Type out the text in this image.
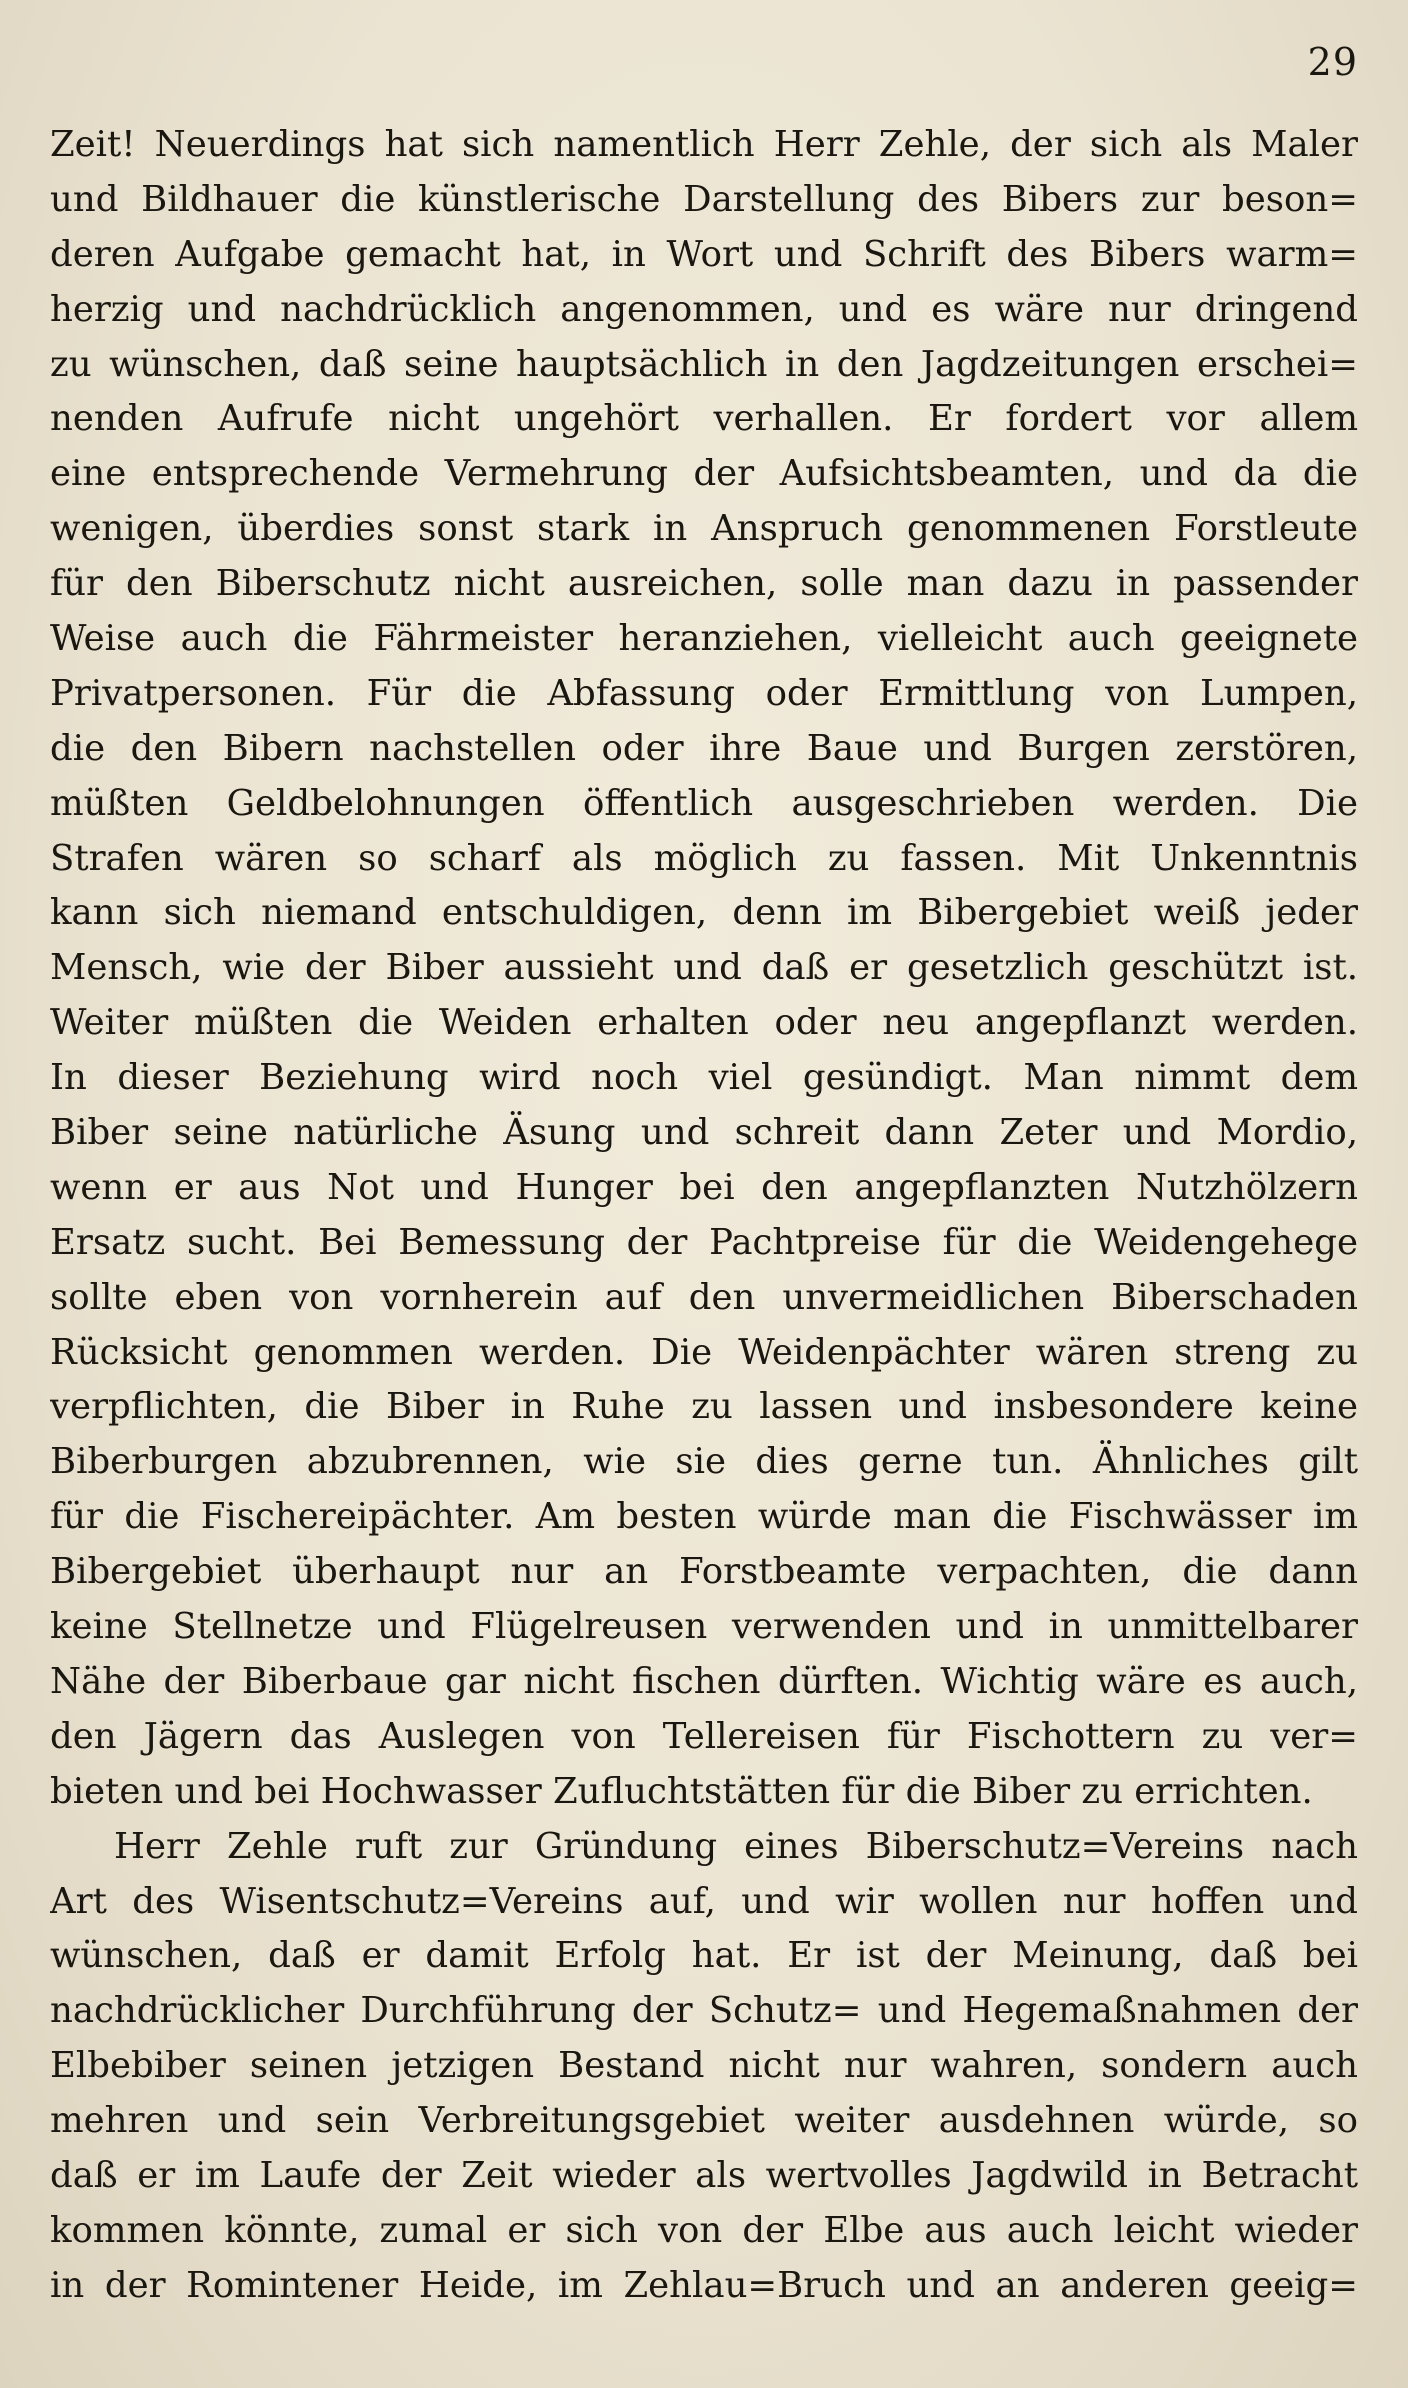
29
Zeit! Neuerdings hat sich namentlich Herr Zehle, der sich als Maler
und Bildhauer die künstlerische Darstellung des Bibers zur beson=
deren Aufgabe gemacht hat, in Wort und Schrift des Bibers warm=
herzig und nachdrücklich angenommen, und es wäre nur dringend
zu wünschen, daß seine hauptsächlich in den Jagdzeitungen erschei=
nenden Aufrufe nicht ungehört verhallen. Er fordert vor allem
eine entsprechende Vermehrung der Aufsichtsbeamten, und da die
wenigen, überdies sonst stark in Anspruch genommenen Forstleute
für den Biberschutz nicht ausreichen, solle man dazu in passender
Weise auch die Fährmeister heranziehen, vielleicht auch geeignete
Privatpersonen. Für die Abfassung oder Ermittlung von Lumpen,
die den Bibern nachstellen oder ihre Baue und Burgen zerstören,
müßten Geldbelohnungen öffentlich ausgeschrieben werden. Die
Strafen wären so scharf als möglich zu fassen. Mit Unkenntnis
kann sich niemand entschuldigen, denn im Bibergebiet weiß jeder
Mensch, wie der Biber aussieht und daß er gesetzlich geschützt ist.
Weiter müßten die Weiden erhalten oder neu angepflanzt werden.
In dieser Beziehung wird noch viel gesündigt. Man nimmt dem
Biber seine natürliche Äsung und schreit dann Zeter und Mordio,
wenn er aus Not und Hunger bei den angepflanzten Nutzhölzern
Ersatz sucht. Bei Bemessung der Pachtpreise für die Weidengehege
sollte eben von vornherein auf den unvermeidlichen Biberschaden
Rücksicht genommen werden. Die Weidenpächter wären streng zu
verpflichten, die Biber in Ruhe zu lassen und insbesondere keine
Biberburgen abzubrennen, wie sie dies gerne tun. Ähnliches gilt
für die Fischereipächter. Am besten würde man die Fischwässer im
Bibergebiet überhaupt nur an Forstbeamte verpachten, die dann
keine Stellnetze und Flügelreusen verwenden und in unmittelbarer
Nähe der Biberbaue gar nicht fischen dürften. Wichtig wäre es auch,
den Jägern das Auslegen von Tellereisen für Fischottern zu ver=
bieten und bei Hochwasser Zufluchtstätten für die Biber zu errichten.
Herr Zehle ruft zur Gründung eines Biberschutz=Vereins nach
Art des Wisentschutz=Vereins auf, und wir wollen nur hoffen und
wünschen, daß er damit Erfolg hat. Er ist der Meinung, daß bei
nachdrücklicher Durchführung der Schutz= und Hegemaßnahmen der
Elbebiber seinen jetzigen Bestand nicht nur wahren, sondern auch
mehren und sein Verbreitungsgebiet weiter ausdehnen würde, so
daß er im Laufe der Zeit wieder als wertvolles Jagdwild in Betracht
kommen könnte, zumal er sich von der Elbe aus auch leicht wieder
in der Romintener Heide, im Zehlau=Bruch und an anderen geeig=
